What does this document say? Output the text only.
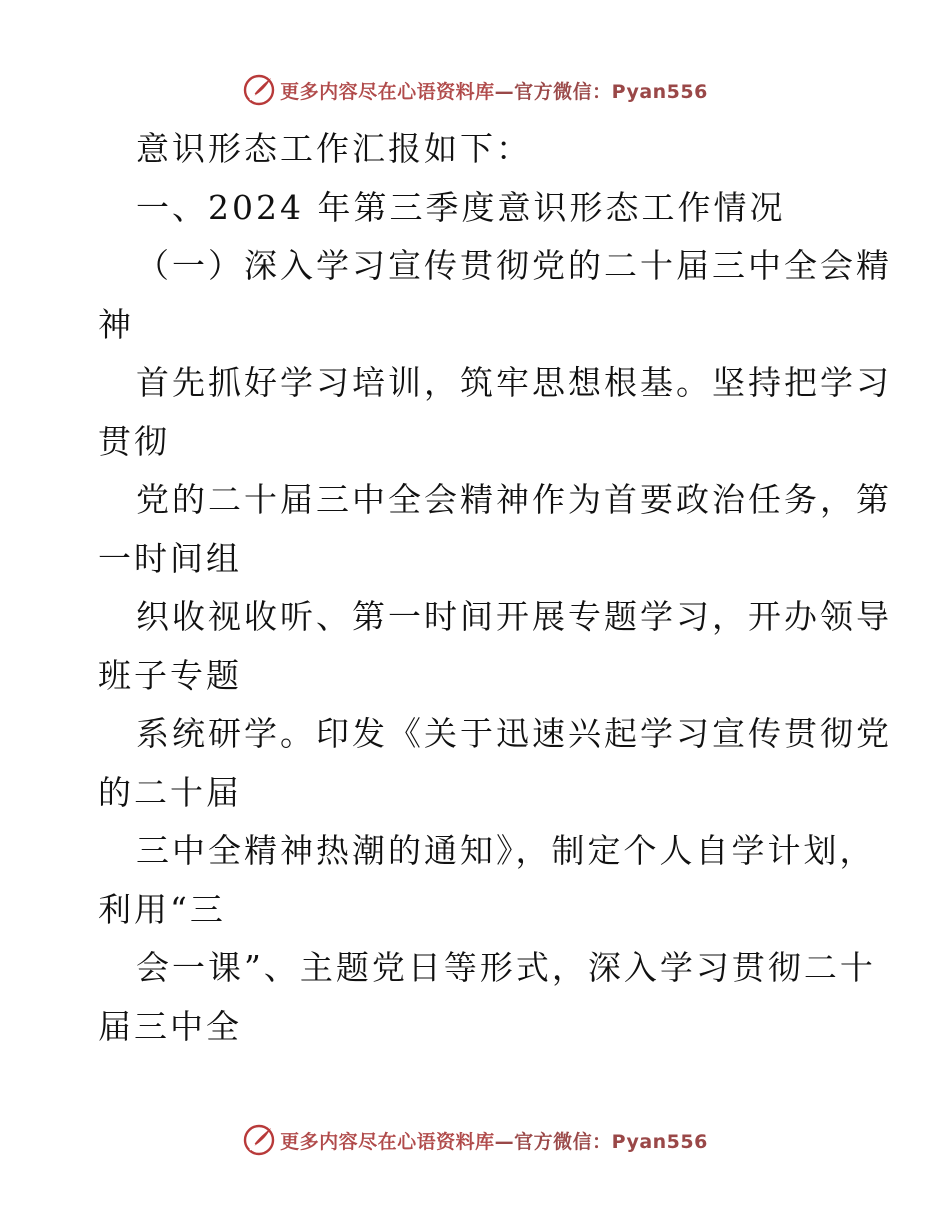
更多内容尽在心语资料库—官方微信：Pyan556
意识形态工作汇报如下：
一、2024 年第三季度意识形态工作情况
（一）深入学习宣传贯彻党的二十届三中全会精
神
首先抓好学习培训，筑牢思想根基。坚持把学习
贯彻
党的二十届三中全会精神作为首要政治任务，第
一时间组
织收视收听、第一时间开展专题学习，开办领导
班子专题
系统研学。印发《关于迅速兴起学习宣传贯彻党
的二十届
三中全精神热潮的通知》，制定个人自学计划，
利用“三
会一课”、主题党日等形式，深入学习贯彻二十
届三中全
更多内容尽在心语资料库—官方微信：Pyan556
